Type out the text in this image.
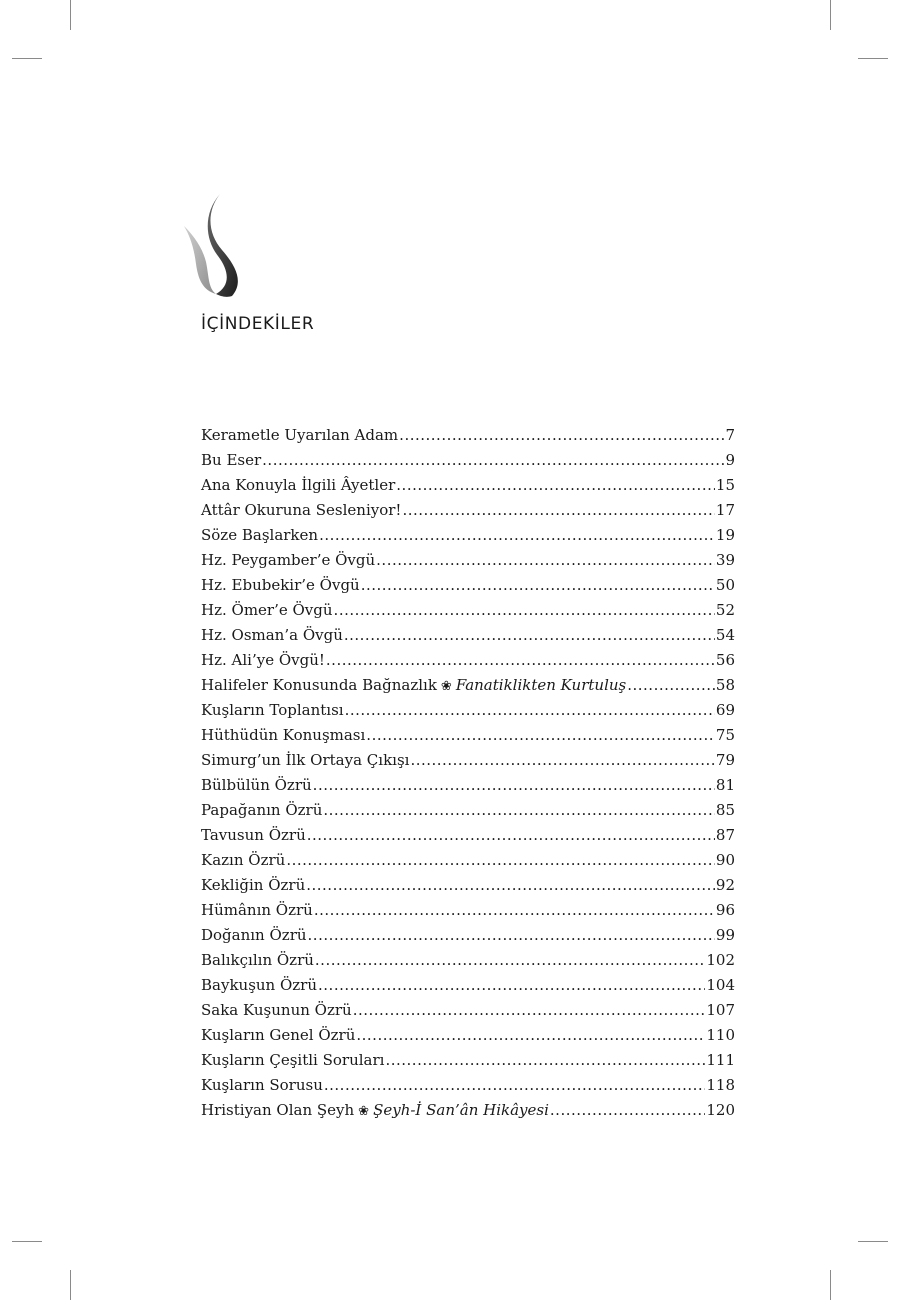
İÇİNDEKİLER
Kerametle Uyarılan Adam .....	7
Bu Eser .....	9
Ana Konuyla İlgili Âyetler .....	15
Attâr Okuruna Sesleniyor! .....	17
Söze Başlarken .....	19
Hz. Peygamber’e Övgü .....	39
Hz. Ebubekir’e Övgü .....	50
Hz. Ömer’e Övgü .....	52
Hz. Osman’a Övgü .....	54
Hz. Ali’ye Övgü! .....	56
Halifeler Konusunda Bağnazlık ❀ Fanatiklikten Kurtuluş .....	58
Kuşların Toplantısı .....	69
Hüthüdün Konuşması .....	75
Simurg’un İlk Ortaya Çıkışı .....	79
Bülbülün Özrü .....	81
Papağanın Özrü .....	85
Tavusun Özrü .....	87
Kazın Özrü .....	90
Kekliğin Özrü .....	92
Hümânın Özrü .....	96
Doğanın Özrü .....	99
Balıkçılın Özrü .....	102
Baykuşun Özrü .....	104
Saka Kuşunun Özrü .....	107
Kuşların Genel Özrü .....	110
Kuşların Çeşitli Soruları .....	111
Kuşların Sorusu .....	118
Hristiyan Olan Şeyh ❀ Şeyh-İ San’ân Hikâyesi .....	120
